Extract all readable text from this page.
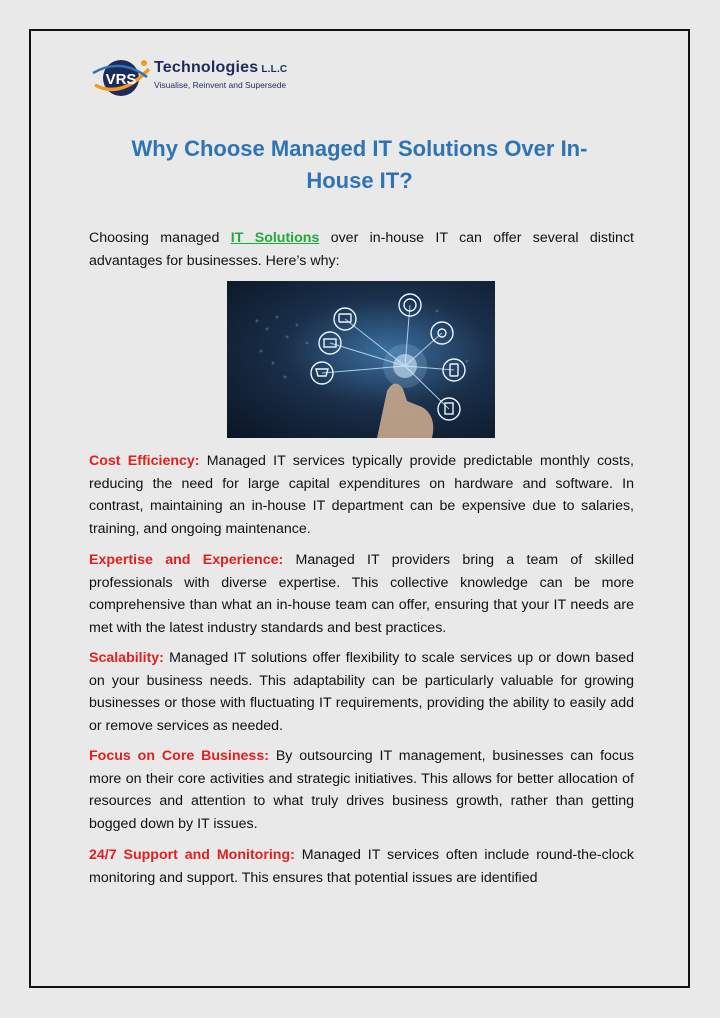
VRS
Technologies L.L.C
Visualise, Reinvent and Supersede
Why Choose Managed IT Solutions Over In-
House IT?

Choosing managed IT Solutions over in-house IT can offer several distinct advantages for businesses. Here’s why:

Cost Efficiency: Managed IT services typically provide predictable monthly costs, reducing the need for large capital expenditures on hardware and software. In contrast, maintaining an in-house IT department can be expensive due to salaries, training, and ongoing maintenance.

Expertise and Experience: Managed IT providers bring a team of skilled professionals with diverse expertise. This collective knowledge can be more comprehensive than what an in-house team can offer, ensuring that your IT needs are met with the latest industry standards and best practices.

Scalability: Managed IT solutions offer flexibility to scale services up or down based on your business needs. This adaptability can be particularly valuable for growing businesses or those with fluctuating IT requirements, providing the ability to easily add or remove services as needed.

Focus on Core Business: By outsourcing IT management, businesses can focus more on their core activities and strategic initiatives. This allows for better allocation of resources and attention to what truly drives business growth, rather than getting bogged down by IT issues.

24/7 Support and Monitoring: Managed IT services often include round-the-clock monitoring and support. This ensures that potential issues are identified
